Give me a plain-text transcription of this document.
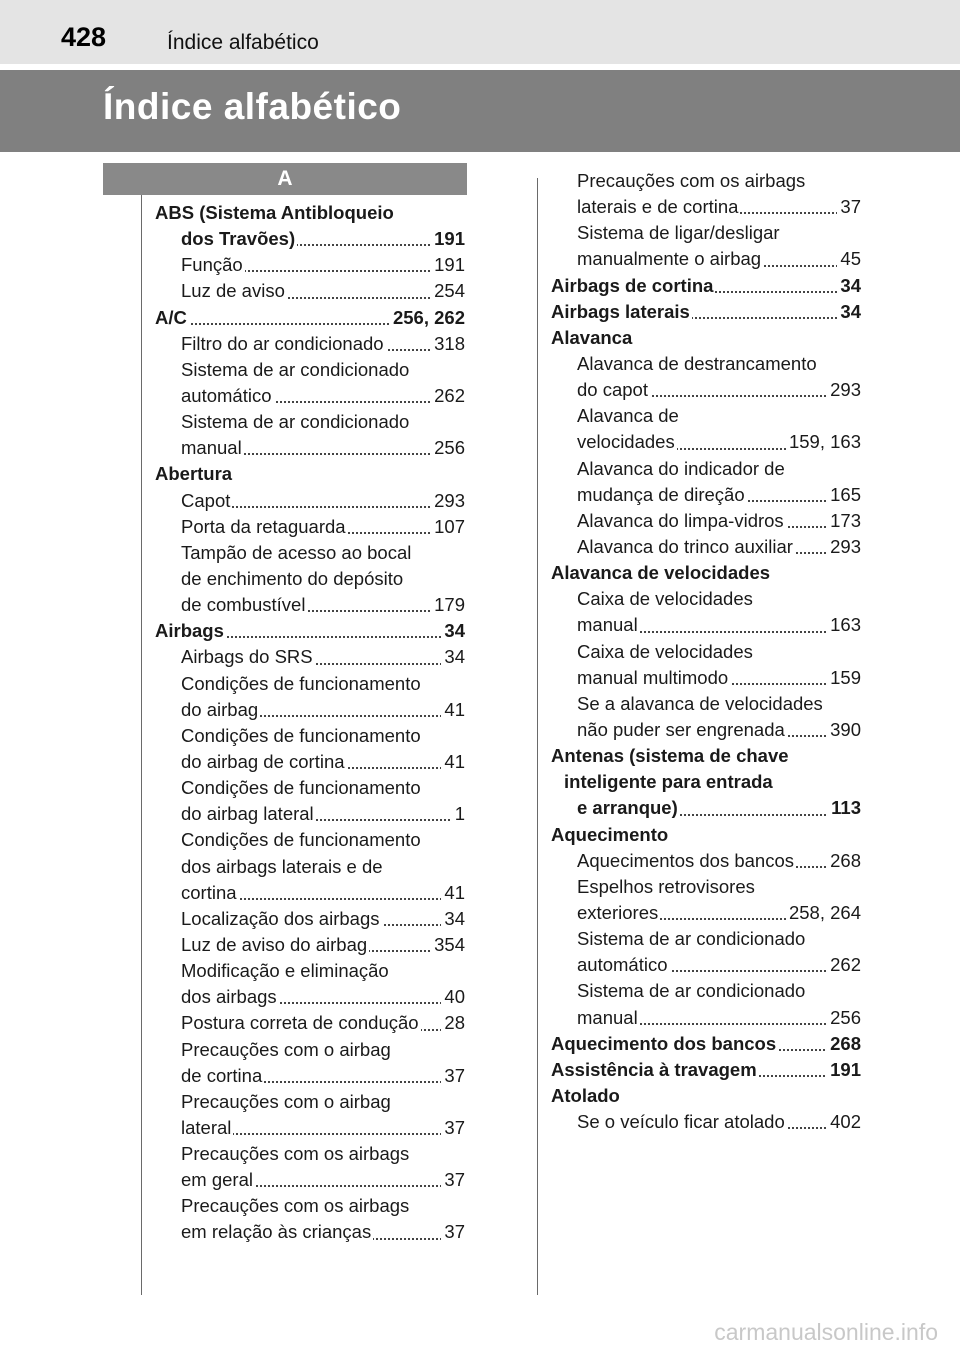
428	Índice alfabético
Índice alfabético
A
ABS (Sistema Antibloqueio
dos Travões)	191
Função	191
Luz de aviso	254
A/C	256, 262
Filtro do ar condicionado	318
Sistema de ar condicionado
automático	262
Sistema de ar condicionado
manual	256
Abertura
Capot	293
Porta da retaguarda	107
Tampão de acesso ao bocal
de enchimento do depósito
de combustível	179
Airbags	34
Airbags do SRS	34
Condições de funcionamento
do airbag	41
Condições de funcionamento
do airbag de cortina	41
Condições de funcionamento
do airbag lateral	1
Condições de funcionamento
dos airbags laterais e de
cortina	41
Localização dos airbags	34
Luz de aviso do airbag	354
Modificação e eliminação
dos airbags	40
Postura correta de condução 28
Precauções com o airbag
de cortina	37
Precauções com o airbag
lateral	37
Precauções com os airbags
em geral	37
Precauções com os airbags
em relação às crianças	37
Precauções com os airbags
laterais e de cortina	37
Sistema de ligar/desligar
manualmente o airbag	45
Airbags de cortina	34
Airbags laterais	34
Alavanca
Alavanca de destrancamento
do capot	293
Alavanca de
velocidades	159, 163
Alavanca do indicador de
mudança de direção	165
Alavanca do limpa-vidros	173
Alavanca do trinco auxiliar 293
Alavanca de velocidades
Caixa de velocidades
manual	163
Caixa de velocidades
manual multimodo	159
Se a alavanca de velocidades
não puder ser engrenada 390
Antenas (sistema de chave
inteligente para entrada
e arranque)	113
Aquecimento
Aquecimentos dos bancos 268
Espelhos retrovisores
exteriores	258, 264
Sistema de ar condicionado
automático	262
Sistema de ar condicionado
manual	256
Aquecimento dos bancos	268
Assistência à travagem	191
Atolado
Se o veículo ficar atolado 402
carmanualsonline.info
